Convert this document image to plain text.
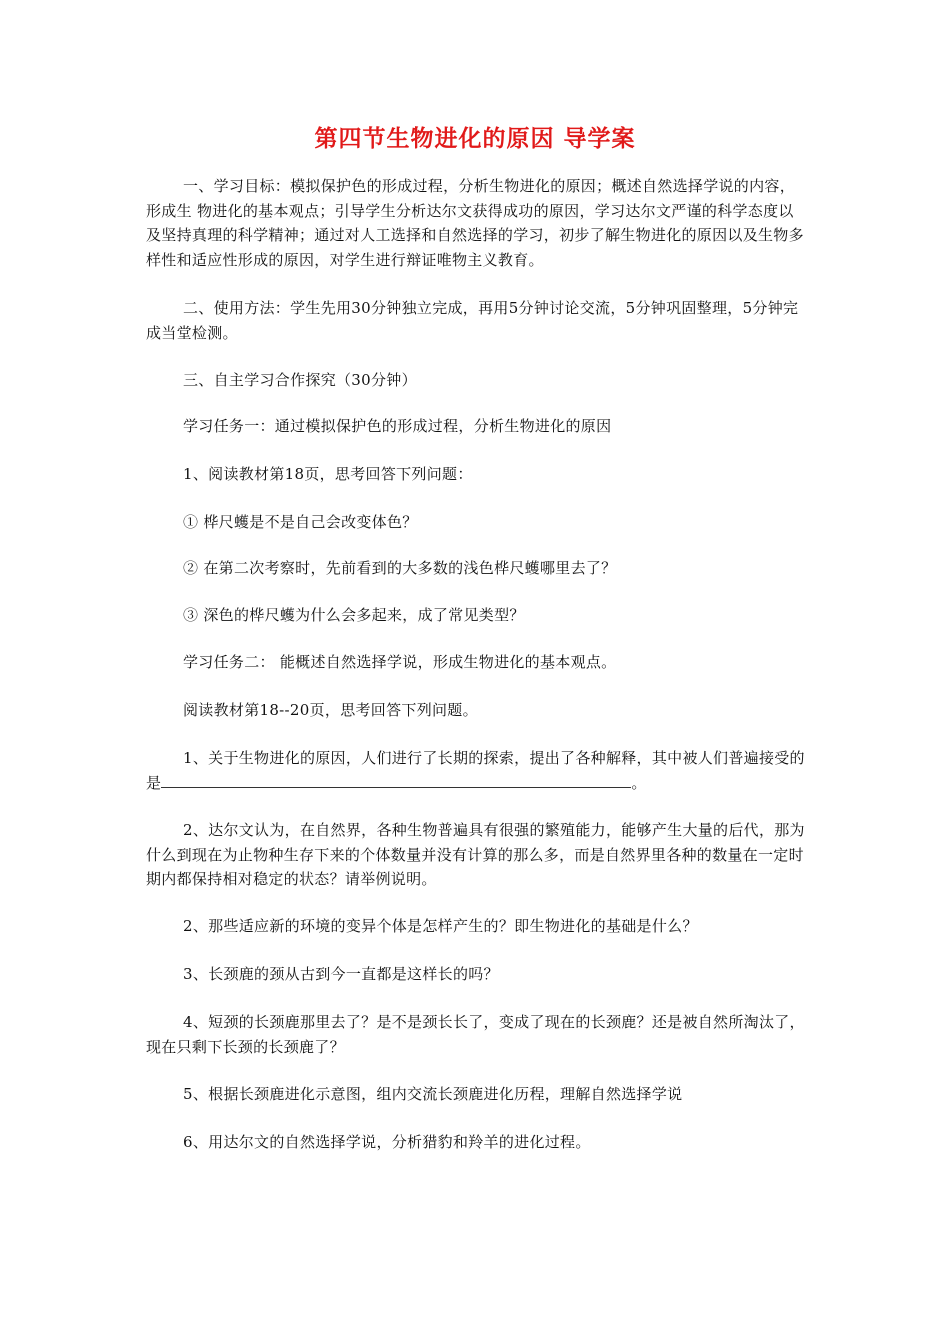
第四节生物进化的原因 导学案

一、学习目标：模拟保护色的形成过程，分析生物进化的原因；概述自然选择学说的内容，形成生 物进化的基本观点；引导学生分析达尔文获得成功的原因，学习达尔文严谨的科学态度以及坚持真理的科学精神；通过对人工选择和自然选择的学习，初步了解生物进化的原因以及生物多样性和适应性形成的原因，对学生进行辩证唯物主义教育。

二、使用方法：学生先用30分钟独立完成，再用5分钟讨论交流，5分钟巩固整理，5分钟完成当堂检测。

三、自主学习合作探究（30分钟）

学习任务一：通过模拟保护色的形成过程，分析生物进化的原因

1、阅读教材第18页，思考回答下列问题：

① 桦尺蠖是不是自己会改变体色？

② 在第二次考察时，先前看到的大多数的浅色桦尺蠖哪里去了？

③ 深色的桦尺蠖为什么会多起来，成了常见类型？

学习任务二： 能概述自然选择学说，形成生物进化的基本观点。

阅读教材第18--20页，思考回答下列问题。

1、关于生物进化的原因，人们进行了长期的探索，提出了各种解释，其中被人们普遍接受的是	。

2、达尔文认为，在自然界，各种生物普遍具有很强的繁殖能力，能够产生大量的后代，那为什么到现在为止物种生存下来的个体数量并没有计算的那么多，而是自然界里各种的数量在一定时期内都保持相对稳定的状态？请举例说明。

2、那些适应新的环境的变异个体是怎样产生的？即生物进化的基础是什么？

3、长颈鹿的颈从古到今一直都是这样长的吗？

4、短颈的长颈鹿那里去了？是不是颈长长了，变成了现在的长颈鹿？还是被自然所淘汰了，现在只剩下长颈的长颈鹿了？

5、根据长颈鹿进化示意图，组内交流长颈鹿进化历程，理解自然选择学说

6、用达尔文的自然选择学说，分析猎豹和羚羊的进化过程。
